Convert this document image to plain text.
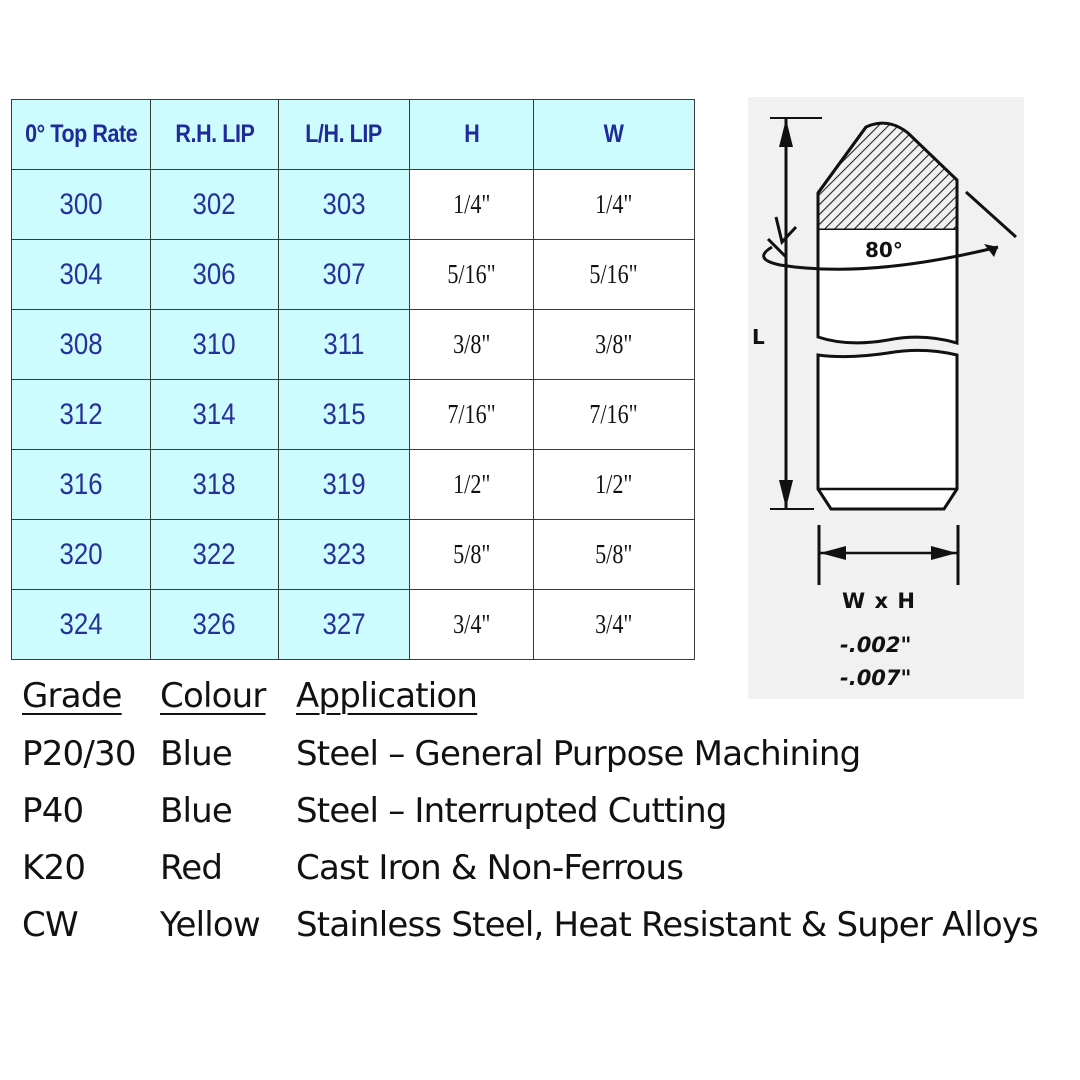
0° Top Rate	R.H. LIP	L/H. LIP	H	W
300	302	303	1/4"	1/4"
304	306	307	5/16"	5/16"
308	310	311	3/8"	3/8"
312	314	315	7/16"	7/16"
316	318	319	1/2"	1/2"
320	322	323	5/8"	5/8"
324	326	327	3/4"	3/4"
80°
L
W x H
-.002"
-.007"
Grade Colour Application
P20/30 Blue Steel – General Purpose Machining
P40 Blue Steel – Interrupted Cutting
K20 Red Cast Iron & Non-Ferrous
CW Yellow Stainless Steel, Heat Resistant & Super Alloys
